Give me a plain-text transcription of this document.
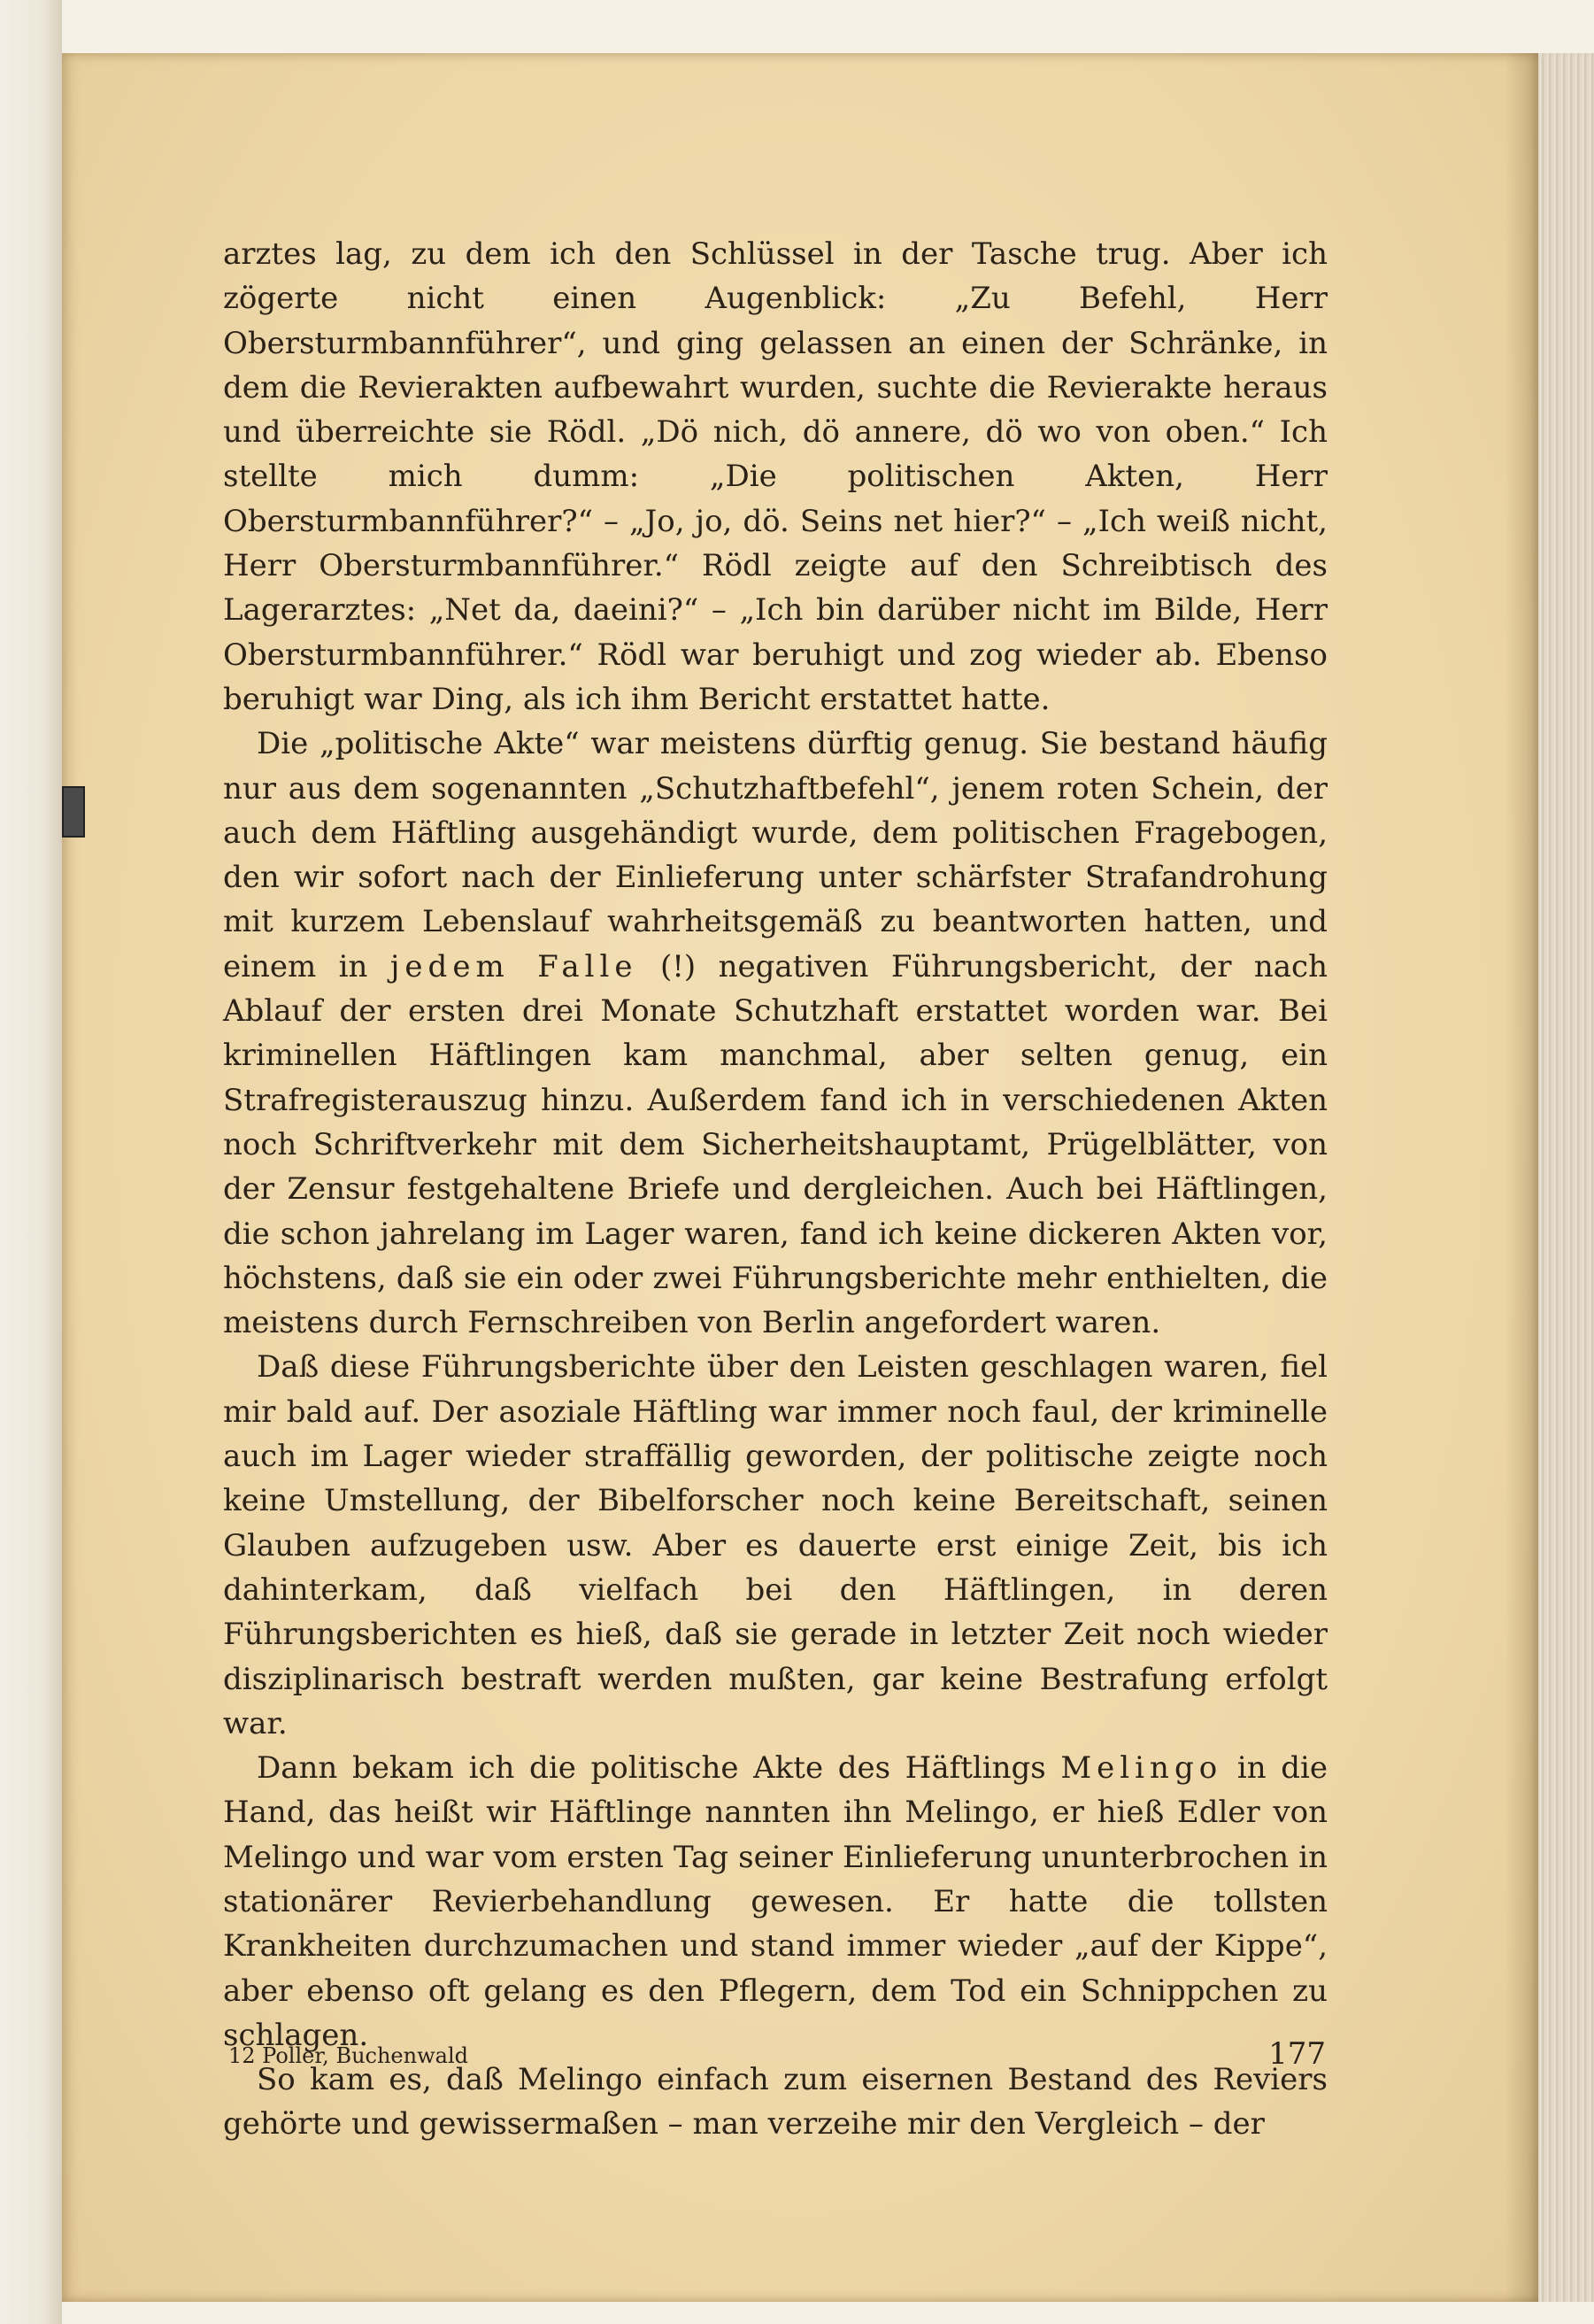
arztes lag, zu dem ich den Schlüssel in der Tasche trug. Aber ich zögerte nicht einen Augenblick: „Zu Befehl, Herr Obersturmbannführer“, und ging gelassen an einen der Schränke, in dem die Revierakten aufbewahrt wurden, suchte die Revierakte heraus und überreichte sie Rödl. „Dö nich, dö annere, dö wo von oben.“ Ich stellte mich dumm: „Die politischen Akten, Herr Obersturmbannführer?“ – „Jo, jo, dö. Seins net hier?“ – „Ich weiß nicht, Herr Obersturmbannführer.“ Rödl zeigte auf den Schreibtisch des Lagerarztes: „Net da, daeini?“ – „Ich bin darüber nicht im Bilde, Herr Obersturmbannführer.“ Rödl war beruhigt und zog wieder ab. Ebenso beruhigt war Ding, als ich ihm Bericht erstattet hatte.

Die „politische Akte“ war meistens dürftig genug. Sie bestand häufig nur aus dem sogenannten „Schutzhaftbefehl“, jenem roten Schein, der auch dem Häftling ausgehändigt wurde, dem politischen Fragebogen, den wir sofort nach der Einlieferung unter schärfster Strafandrohung mit kurzem Lebenslauf wahrheitsgemäß zu beantworten hatten, und einem in jedem Falle (!) negativen Führungsbericht, der nach Ablauf der ersten drei Monate Schutzhaft erstattet worden war. Bei kriminellen Häftlingen kam manchmal, aber selten genug, ein Strafregisterauszug hinzu. Außerdem fand ich in verschiedenen Akten noch Schriftverkehr mit dem Sicherheitshauptamt, Prügelblätter, von der Zensur festgehaltene Briefe und dergleichen. Auch bei Häftlingen, die schon jahrelang im Lager waren, fand ich keine dickeren Akten vor, höchstens, daß sie ein oder zwei Führungsberichte mehr enthielten, die meistens durch Fernschreiben von Berlin angefordert waren.

Daß diese Führungsberichte über den Leisten geschlagen waren, fiel mir bald auf. Der asoziale Häftling war immer noch faul, der kriminelle auch im Lager wieder straffällig geworden, der politische zeigte noch keine Umstellung, der Bibelforscher noch keine Bereitschaft, seinen Glauben aufzugeben usw. Aber es dauerte erst einige Zeit, bis ich dahinterkam, daß vielfach bei den Häftlingen, in deren Führungsberichten es hieß, daß sie gerade in letzter Zeit noch wieder disziplinarisch bestraft werden mußten, gar keine Bestrafung erfolgt war.

Dann bekam ich die politische Akte des Häftlings Melingo in die Hand, das heißt wir Häftlinge nannten ihn Melingo, er hieß Edler von Melingo und war vom ersten Tag seiner Einlieferung ununterbrochen in stationärer Revierbehandlung gewesen. Er hatte die tollsten Krankheiten durchzumachen und stand immer wieder „auf der Kippe“, aber ebenso oft gelang es den Pflegern, dem Tod ein Schnippchen zu schlagen.

So kam es, daß Melingo einfach zum eisernen Bestand des Reviers gehörte und gewissermaßen – man verzeihe mir den Vergleich – der

12 Poller, Buchenwald	177
